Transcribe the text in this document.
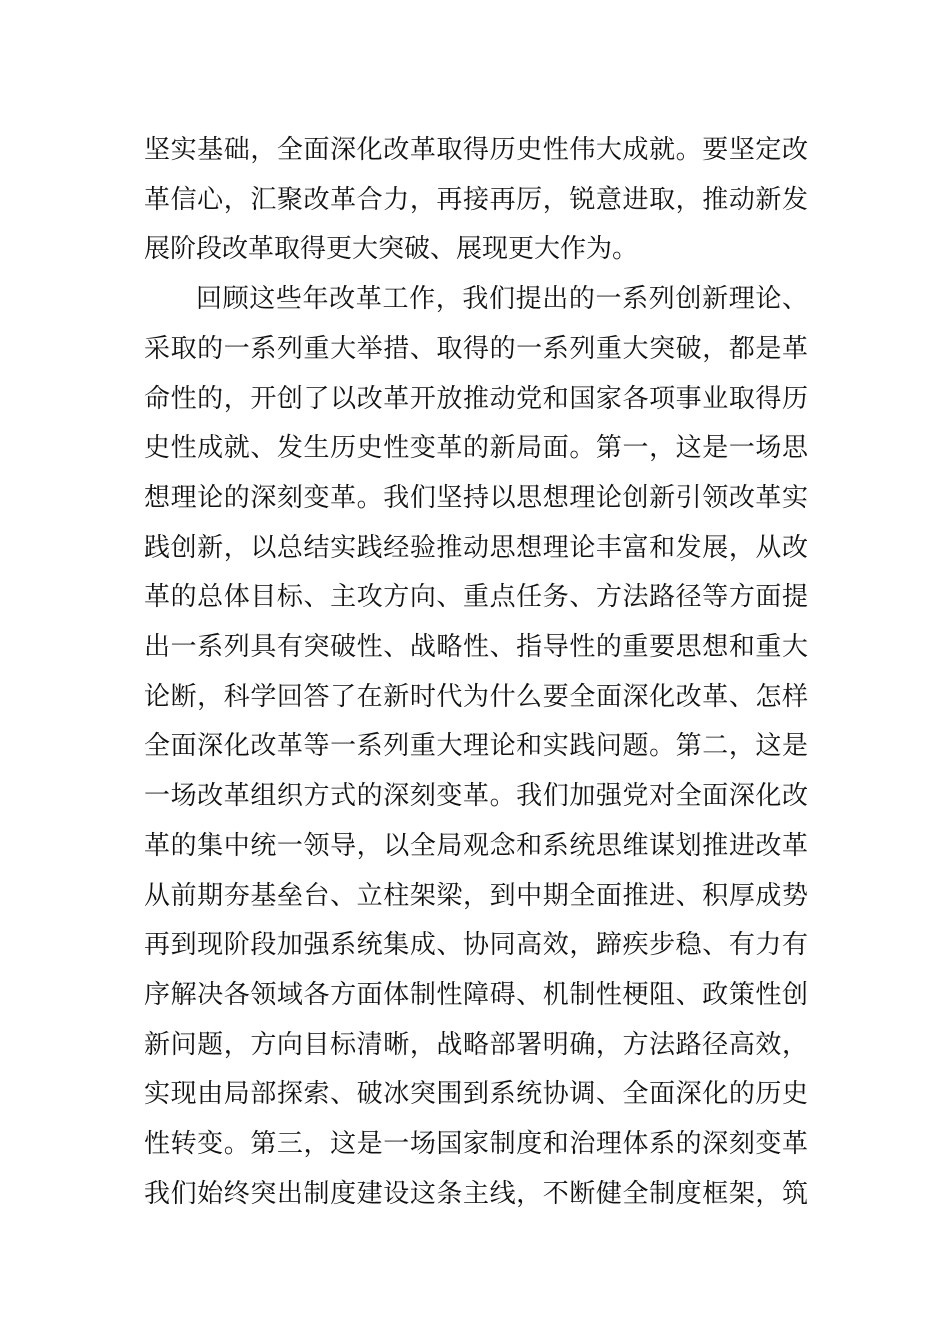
坚实基础，全面深化改革取得历史性伟大成就。要坚定改
革信心，汇聚改革合力，再接再厉，锐意进取，推动新发
展阶段改革取得更大突破、展现更大作为。
回顾这些年改革工作，我们提出的一系列创新理论、
采取的一系列重大举措、取得的一系列重大突破，都是革
命性的，开创了以改革开放推动党和国家各项事业取得历
史性成就、发生历史性变革的新局面。第一，这是一场思
想理论的深刻变革。我们坚持以思想理论创新引领改革实
践创新，以总结实践经验推动思想理论丰富和发展，从改
革的总体目标、主攻方向、重点任务、方法路径等方面提
出一系列具有突破性、战略性、指导性的重要思想和重大
论断，科学回答了在新时代为什么要全面深化改革、怎样
全面深化改革等一系列重大理论和实践问题。第二，这是
一场改革组织方式的深刻变革。我们加强党对全面深化改
革的集中统一领导，以全局观念和系统思维谋划推进改革
从前期夯基垒台、立柱架梁，到中期全面推进、积厚成势
再到现阶段加强系统集成、协同高效，蹄疾步稳、有力有
序解决各领域各方面体制性障碍、机制性梗阻、政策性创
新问题，方向目标清晰，战略部署明确，方法路径高效，
实现由局部探索、破冰突围到系统协调、全面深化的历史
性转变。第三，这是一场国家制度和治理体系的深刻变革
我们始终突出制度建设这条主线，不断健全制度框架，筑
